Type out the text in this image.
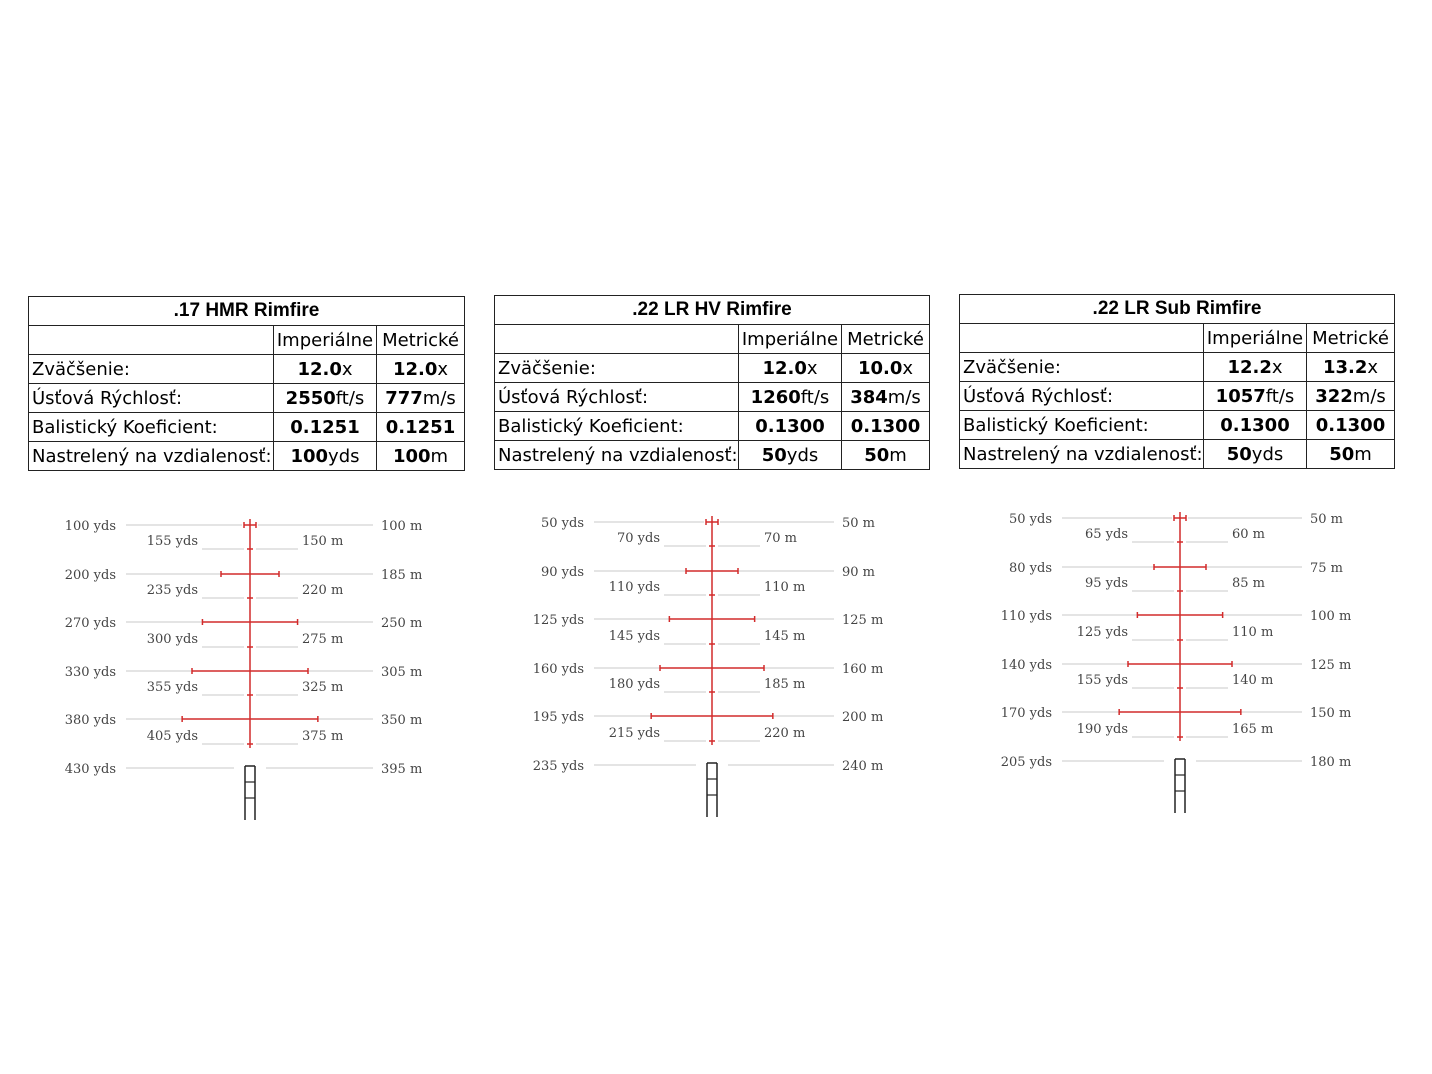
.17 HMR Rimfire		
	Imperiálne	Metrické
Zväčšenie:	12.0x	12.0x
Úsťová Rýchlosť:	2550ft/s	777m/s
Balistický Koeficient:	0.1251	0.1251
Nastrelený na vzdialenosť:	100yds	100m
100 yds	100 m
155 yds	150 m
200 yds	185 m
235 yds	220 m
270 yds	250 m
300 yds	275 m
330 yds	305 m
355 yds	325 m
380 yds	350 m
405 yds	375 m
430 yds	395 m
.22 LR HV Rimfire		
	Imperiálne	Metrické
Zväčšenie:	12.0x	10.0x
Úsťová Rýchlosť:	1260ft/s	384m/s
Balistický Koeficient:	0.1300	0.1300
Nastrelený na vzdialenosť:	50yds	50m
50 yds	50 m
70 yds	70 m
90 yds	90 m
110 yds	110 m
125 yds	125 m
145 yds	145 m
160 yds	160 m
180 yds	185 m
195 yds	200 m
215 yds	220 m
235 yds	240 m
.22 LR Sub Rimfire		
	Imperiálne	Metrické
Zväčšenie:	12.2x	13.2x
Úsťová Rýchlosť:	1057ft/s	322m/s
Balistický Koeficient:	0.1300	0.1300
Nastrelený na vzdialenosť:	50yds	50m
50 yds	50 m
65 yds	60 m
80 yds	75 m
95 yds	85 m
110 yds	100 m
125 yds	110 m
140 yds	125 m
155 yds	140 m
170 yds	150 m
190 yds	165 m
205 yds	180 m
